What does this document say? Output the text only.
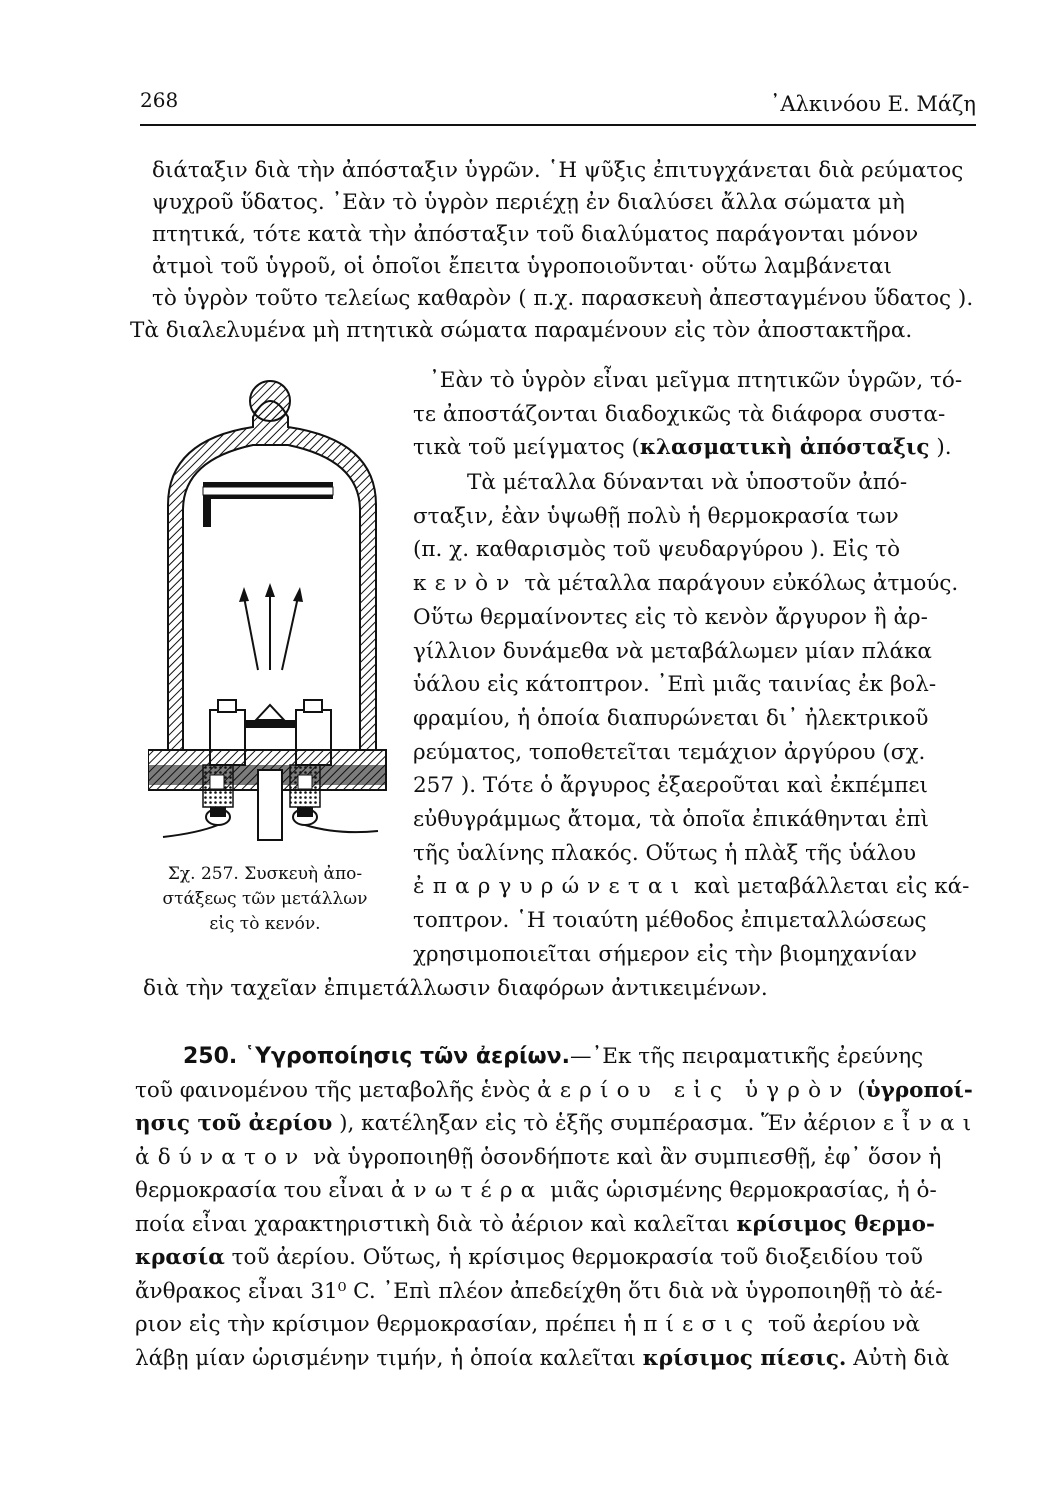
268	᾿Αλκινόου Ε. Μάζη
διάταξιν διὰ τὴν ἀπόσταξιν ὑγρῶν. ῾Η ψῦξις ἐπιτυγχάνεται διὰ ρεύματος
ψυχροῦ ὕδατος. ᾿Εὰν τὸ ὑγρὸν περιέχῃ ἐν διαλύσει ἄλλα σώματα μὴ
πτητικά, τότε κατὰ τὴν ἀπόσταξιν τοῦ διαλύματος παράγονται μόνον
ἀτμοὶ τοῦ ὑγροῦ, οἱ ὁποῖοι ἔπειτα ὑγροποιοῦνται· οὕτω λαμβάνεται
τὸ ὑγρὸν τοῦτο τελείως καθαρὸν ( π.χ. παρασκευὴ ἀπεσταγμένου ὕδατος ).
Τὰ διαλελυμένα μὴ πτητικὰ σώματα παραμένουν εἰς τὸν ἀποστακτῆρα.
᾿Εὰν τὸ ὑγρὸν εἶναι μεῖγμα πτητικῶν ὑγρῶν, τό-
τε ἀποστάζονται διαδοχικῶς τὰ διάφορα συστα-
τικὰ τοῦ μείγματος (κλασματικὴ ἀπόσταξις ).
Τὰ μέταλλα δύνανται νὰ ὑποστοῦν ἀπό-
σταξιν, ἐὰν ὑψωθῇ πολὺ ἡ θερμοκρασία των
(π. χ. καθαρισμὸς τοῦ ψευδαργύρου ). Εἰς τὸ
κενὸν τὰ μέταλλα παράγουν εὐκόλως ἀτμούς.
Οὕτω θερμαίνοντες εἰς τὸ κενὸν ἄργυρον ἢ ἀρ-
γίλλιον δυνάμεθα νὰ μεταβάλωμεν μίαν πλάκα
ὑάλου εἰς κάτοπτρον. ᾿Επὶ μιᾶς ταινίας ἐκ βολ-
φραμίου, ἡ ὁποία διαπυρώνεται δι᾿ ἠλεκτρικοῦ
ρεύματος, τοποθετεῖται τεμάχιον ἀργύρου (σχ.
257 ). Τότε ὁ ἄργυρος ἐξαεροῦται καὶ ἐκπέμπει
εὐθυγράμμως ἄτομα, τὰ ὁποῖα ἐπικάθηνται ἐπὶ
τῆς ὑαλίνης πλακός. Οὕτως ἡ πλὰξ τῆς ὑάλου
ἐπαργυρώνεται καὶ μεταβάλλεται εἰς κά-
τοπτρον. ῾Η τοιαύτη μέθοδος ἐπιμεταλλώσεως
χρησιμοποιεῖται σήμερον εἰς τὴν βιομηχανίαν
διὰ τὴν ταχεῖαν ἐπιμετάλλωσιν διαφόρων ἀντικειμένων.
Σχ. 257. Συσκευὴ ἀπο-
στάξεως τῶν μετάλλων
εἰς τὸ κενόν.
250. ῾Υγροποίησις τῶν ἀερίων.—᾿Εκ τῆς πειραματικῆς ἐρεύνης
τοῦ φαινομένου τῆς μεταβολῆς ἑνὸς ἀερίου εἰς ὑγρὸν (ὑγροποί-
ησις τοῦ ἀερίου ), κατέληξαν εἰς τὸ ἑξῆς συμπέρασμα. Ἕν ἀέριον εἶναι
ἀδύνατον νὰ ὑγροποιηθῇ ὁσονδήποτε καὶ ἂν συμπιεσθῇ, ἐφ᾿ ὅσον ἡ
θερμοκρασία του εἶναι ἀνωτέρα μιᾶς ὡρισμένης θερμοκρασίας, ἡ ὁ-
ποία εἶναι χαρακτηριστικὴ διὰ τὸ ἀέριον καὶ καλεῖται κρίσιμος θερμο-
κρασία τοῦ ἀερίου. Οὕτως, ἡ κρίσιμος θερμοκρασία τοῦ διοξειδίου τοῦ
ἄνθρακος εἶναι 31⁰ C. ᾿Επὶ πλέον ἀπεδείχθη ὅτι διὰ νὰ ὑγροποιηθῇ τὸ ἀέ-
ριον εἰς τὴν κρίσιμον θερμοκρασίαν, πρέπει ἡ πίεσις τοῦ ἀερίου νὰ
λάβῃ μίαν ὡρισμένην τιμήν, ἡ ὁποία καλεῖται κρίσιμος πίεσις. Αὐτὴ διὰ
